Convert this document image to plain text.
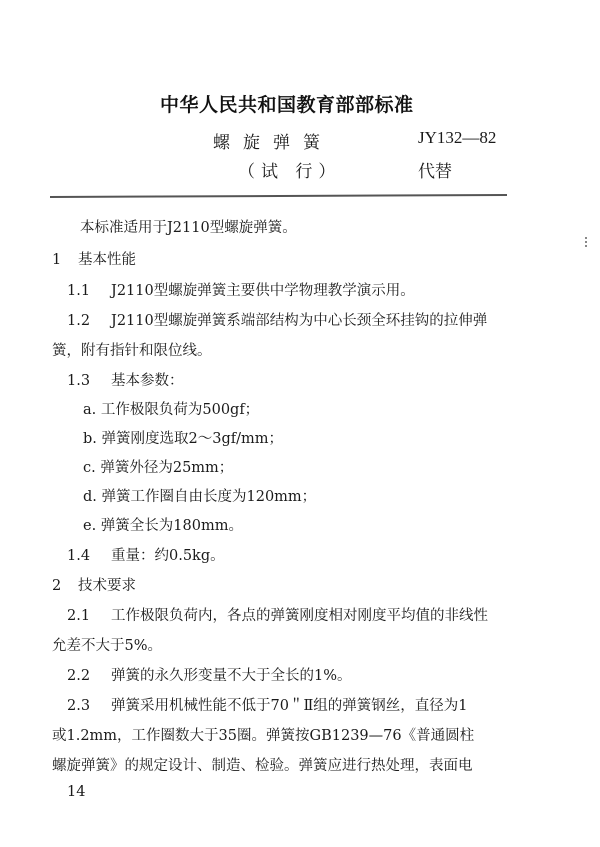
中华人民共和国教育部部标准
螺旋弹簧	JY132—82
（试 行）	代替
本标准适用于J2110型螺旋弹簧。
1 基本性能
1.1 J2110型螺旋弹簧主要供中学物理教学演示用。
1.2 J2110型螺旋弹簧系端部结构为中心长颈全环挂钩的拉伸弹
簧，附有指针和限位线。
1.3 基本参数：
a. 工作极限负荷为500gf；
b. 弹簧刚度选取2～3gf/mm；
c. 弹簧外径为25mm；
d. 弹簧工作圈自由长度为120mm；
e. 弹簧全长为180mm。
1.4 重量：约0.5kg。
2 技术要求
2.1 工作极限负荷内，各点的弹簧刚度相对刚度平均值的非线性
允差不大于5%。
2.2 弹簧的永久形变量不大于全长的1%。
2.3 弹簧采用机械性能不低于70＂Ⅱ组的弹簧钢丝，直径为1
或1.2mm，工作圈数大于35圈。弹簧按GB1239—76《普通圆柱
螺旋弹簧》的规定设计、制造、检验。弹簧应进行热处理，表面电
14
